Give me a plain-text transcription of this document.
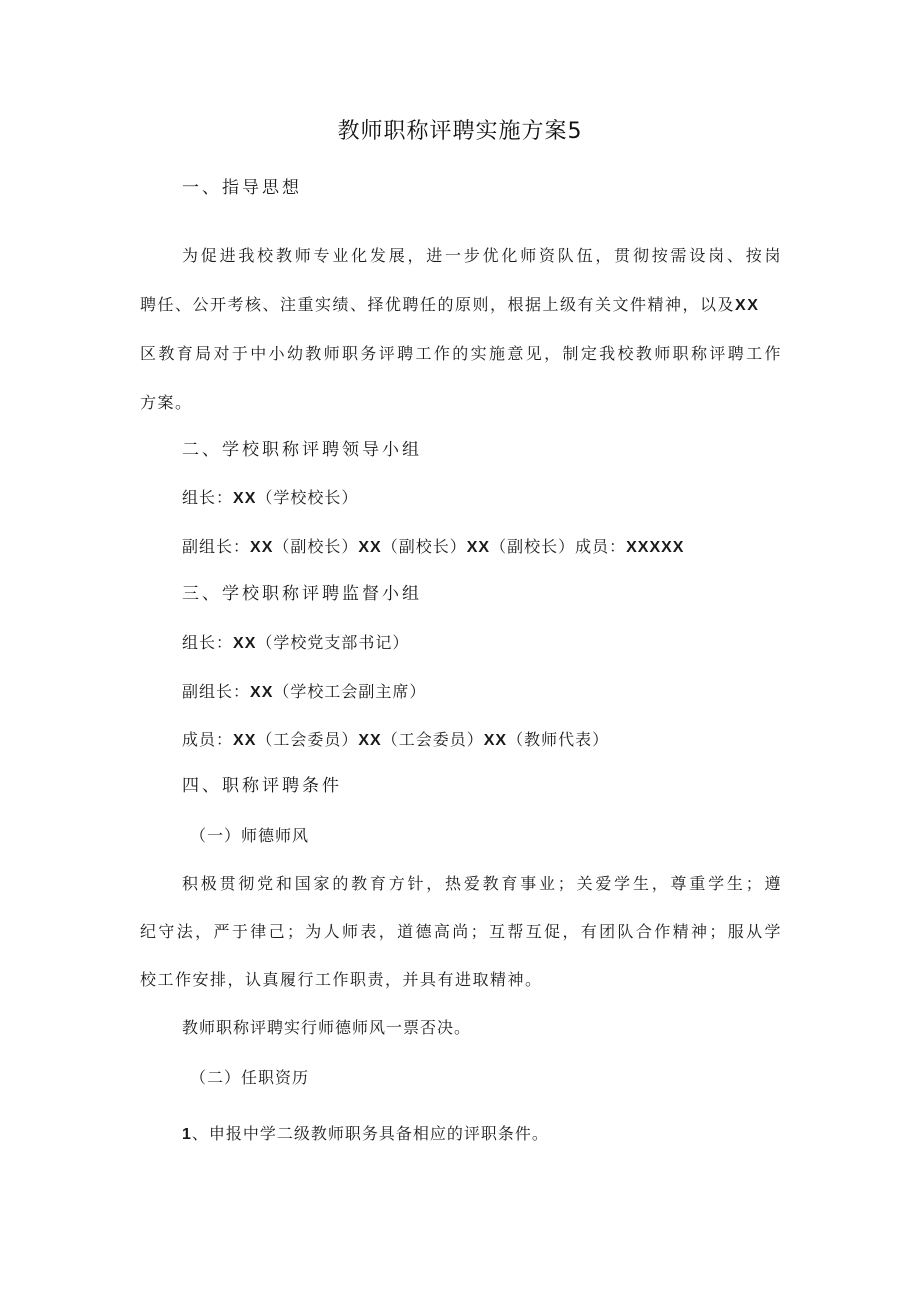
教师职称评聘实施方案5
一、指导思想
为促进我校教师专业化发展，进一步优化师资队伍，贯彻按需设岗、按岗
聘任、公开考核、注重实绩、择优聘任的原则，根据上级有关文件精神，以及XX
区教育局对于中小幼教师职务评聘工作的实施意见，制定我校教师职称评聘工作
方案。
二、学校职称评聘领导小组
组长：XX（学校校长）
副组长：XX（副校长）XX（副校长）XX（副校长）成员：XXXXX
三、学校职称评聘监督小组
组长：XX（学校党支部书记）
副组长：XX（学校工会副主席）
成员：XX（工会委员）XX（工会委员）XX（教师代表）
四、职称评聘条件
（一）师德师风
积极贯彻党和国家的教育方针，热爱教育事业；关爱学生，尊重学生；遵
纪守法，严于律己；为人师表，道德高尚；互帮互促，有团队合作精神；服从学
校工作安排，认真履行工作职责，并具有进取精神。
教师职称评聘实行师德师风一票否决。
（二）任职资历
1、申报中学二级教师职务具备相应的评职条件。
